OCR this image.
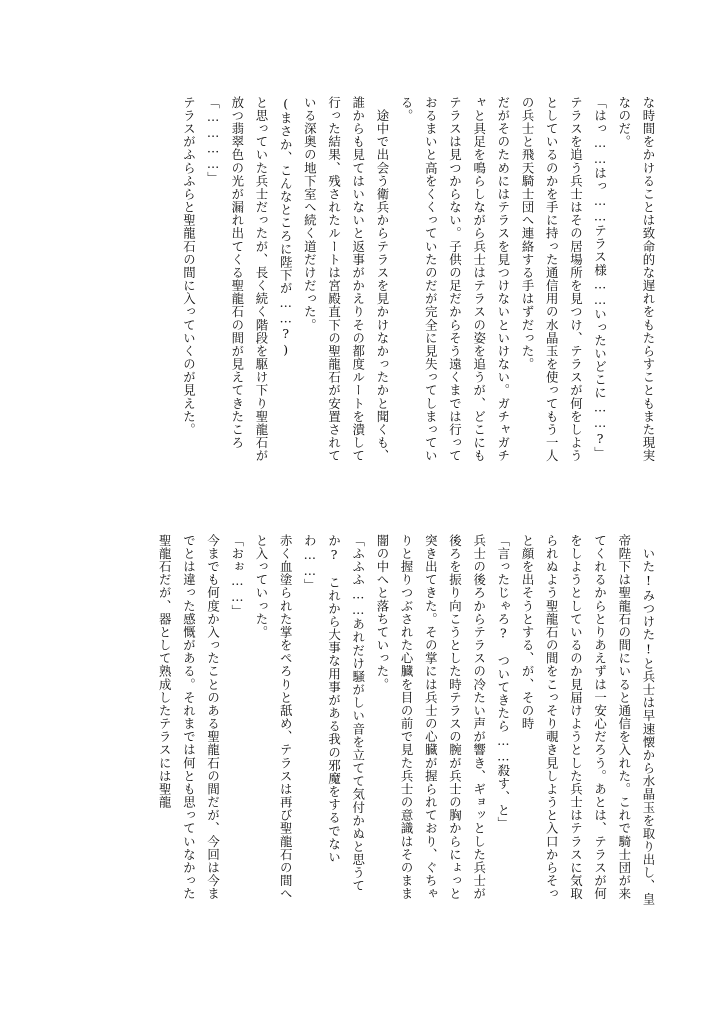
な時間をかけることは致命的な遅れをもたらすこともまた現実なのだ。

「はっ……はっ……テラス様……いったいどこに……?」

テラスを追う兵士はその居場所を見つけ、テラスが何をしようとしているのかを手に持った通信用の水晶玉を使ってもう一人の兵士と飛天騎士団へ連絡する手はずだった。

だがそのためにはテラスを見つけないといけない。ガチャガチャと具足を鳴らしながら兵士はテラスの姿を追うが、どこにもテラスは見つからない。子供の足だからそう遠くまでは行っておるまいと高をくくっていたのだが完全に見失ってしまっている。

　途中で出会う衛兵からテラスを見かけなかったかと聞くも、誰からも見てはいないと返事がかえりその都度ルートを潰して行った結果、残されたルートは宮殿直下の聖龍石が安置されている深奥の地下室へ続く道だけだった。

(まさか、こんなところに陛下が……?)

と思っていた兵士だったが、長く続く階段を駆け下り聖龍石が放つ翡翠色の光が漏れ出てくる聖龍石の間が見えてきたころ

「…………」

テラスがふらふらと聖龍石の間に入っていくのが見えた。

　いた!みつけた!と兵士は早速懐から水晶玉を取り出し、皇帝陛下は聖龍石の間にいると通信を入れた。これで騎士団が来てくれるからとりあえずは一安心だろう。あとは、テラスが何をしようとしているのか見届けようとした兵士はテラスに気取られぬよう聖龍石の間をこっそり覗き見しようと入口からそっと顔を出そうとする、が、その時

「言ったじゃろ?　ついてきたら……殺す、と」

兵士の後ろからテラスの冷たい声が響き、ギョッとした兵士が後ろを振り向こうとした時テラスの腕が兵士の胸からにょっと突き出てきた。その掌には兵士の心臓が握られており、ぐちゃりと握りつぶされた心臓を目の前で見た兵士の意識はそのまま闇の中へと落ちていった。

「ふふふ……あれだけ騒がしい音を立てて気付かぬと思うてか?　これから大事な用事がある我の邪魔をするでないわ……」

赤く血塗られた掌をぺろりと舐め、テラスは再び聖龍石の間へと入っていった。

「おぉ……」

今までも何度か入ったことのある聖龍石の間だが、今回は今までとは違った感慨がある。それまでは何とも思っていなかった聖龍石だが、器として熟成したテラスには聖龍
